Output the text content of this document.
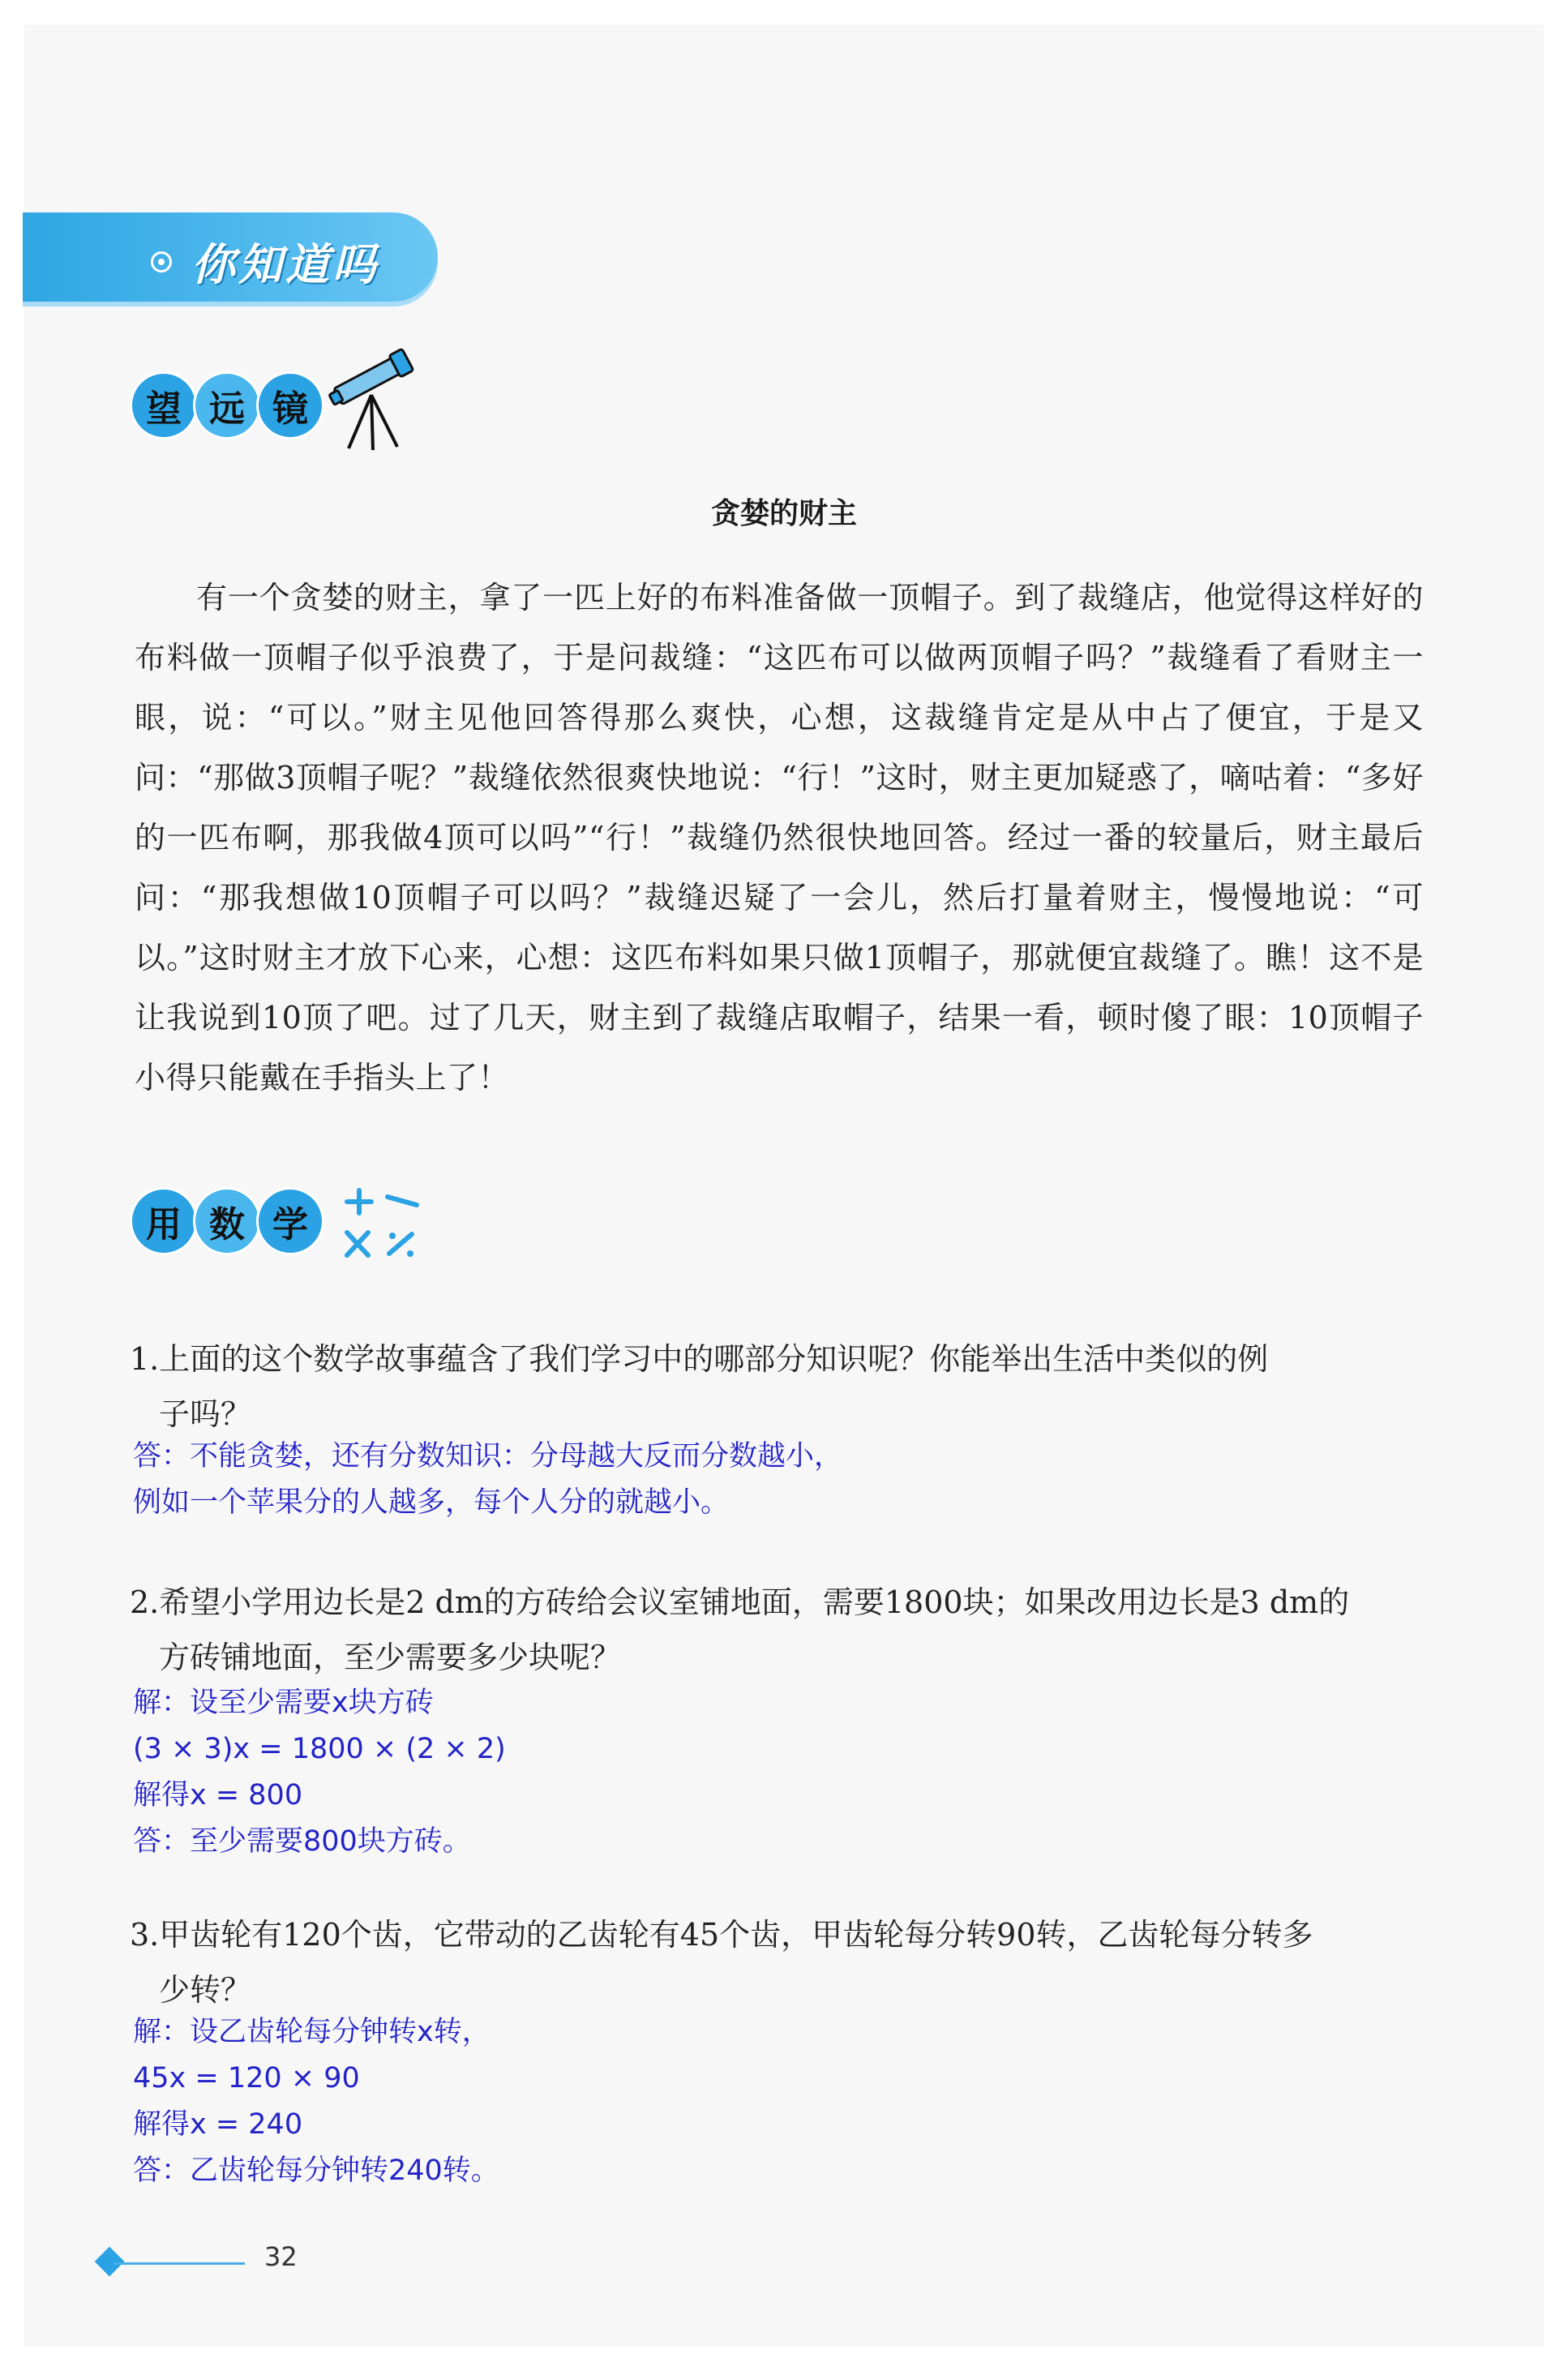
你知道吗
望 远 镜
贪婪的财主
有一个贪婪的财主，拿了一匹上好的布料准备做一顶帽子。到了裁缝店，他觉得这样好的布料做一顶帽子似乎浪费了，于是问裁缝：“这匹布可以做两顶帽子吗？”裁缝看了看财主一眼，说：“可以。”财主见他回答得那么爽快，心想，这裁缝肯定是从中占了便宜，于是又问：“那做3顶帽子呢？”裁缝依然很爽快地说：“行！”这时，财主更加疑惑了，嘀咕着：“多好的一匹布啊，那我做4顶可以吗”“行！”裁缝仍然很快地回答。经过一番的较量后，财主最后问：“那我想做10顶帽子可以吗？”裁缝迟疑了一会儿，然后打量着财主，慢慢地说：“可以。”这时财主才放下心来，心想：这匹布料如果只做1顶帽子，那就便宜裁缝了。瞧！这不是让我说到10顶了吧。过了几天，财主到了裁缝店取帽子，结果一看，顿时傻了眼：10顶帽子小得只能戴在手指头上了！
用 数 学
1.上面的这个数学故事蕴含了我们学习中的哪部分知识呢？你能举出生活中类似的例
子吗？
答：不能贪婪，还有分数知识：分母越大反而分数越小，
例如一个苹果分的人越多，每个人分的就越小。
2.希望小学用边长是2 dm的方砖给会议室铺地面，需要1800块；如果改用边长是3 dm的
方砖铺地面，至少需要多少块呢？
解：设至少需要x块方砖
(3 × 3)x = 1800 × (2 × 2)
解得x = 800
答：至少需要800块方砖。
3.甲齿轮有120个齿，它带动的乙齿轮有45个齿，甲齿轮每分转90转，乙齿轮每分转多
少转？
解：设乙齿轮每分钟转x转，
45x = 120 × 90
解得x = 240
答：乙齿轮每分钟转240转。
32
